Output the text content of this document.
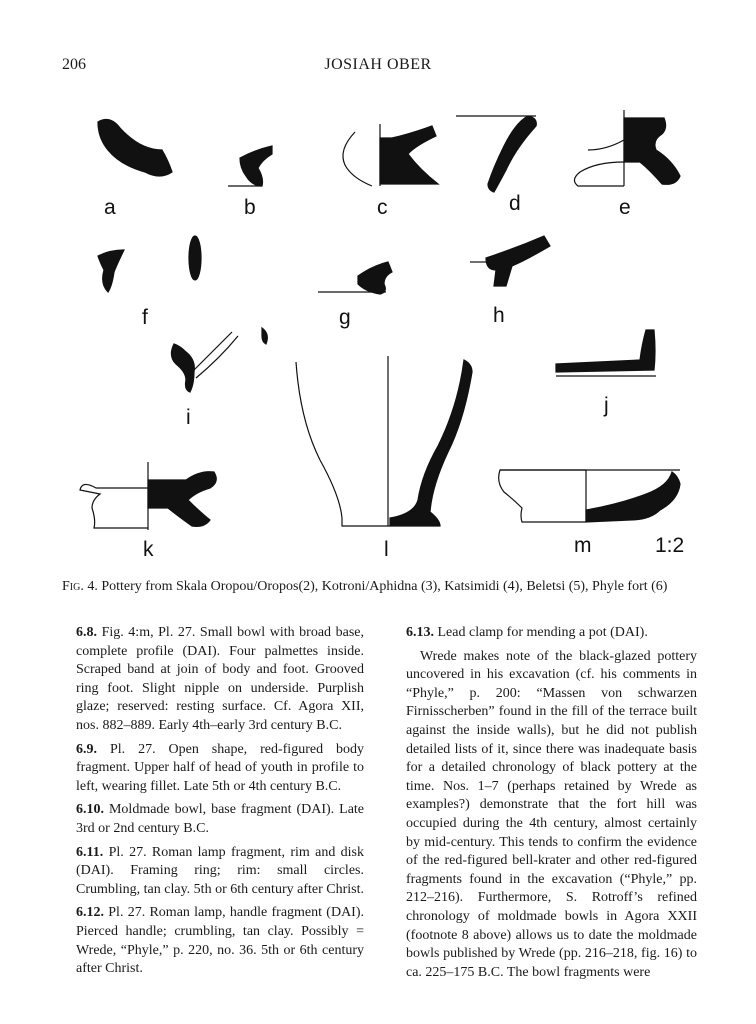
206	JOSIAH OBER
a	b	c	d	e
f	g	h
i
j
k	l	m	1:2
Fig. 4. Pottery from Skala Oropou/Oropos(2), Kotroni/Aphidna (3), Katsimidi (4), Beletsi (5), Phyle fort (6)

6.8. Fig. 4:m, Pl. 27. Small bowl with broad base, complete profile (DAI). Four palmettes inside. Scraped band at join of body and foot. Grooved ring foot. Slight nipple on underside. Purplish glaze; reserved: resting surface. Cf. Agora XII, nos. 882–889. Early 4th–early 3rd century B.C.

6.9. Pl. 27. Open shape, red-figured body fragment. Upper half of head of youth in profile to left, wearing fillet. Late 5th or 4th century B.C.

6.10. Moldmade bowl, base fragment (DAI). Late 3rd or 2nd century B.C.

6.11. Pl. 27. Roman lamp fragment, rim and disk (DAI). Framing ring; rim: small circles. Crumbling, tan clay. 5th or 6th century after Christ.

6.12. Pl. 27. Roman lamp, handle fragment (DAI). Pierced handle; crumbling, tan clay. Possibly = Wrede, “Phyle,” p. 220, no. 36. 5th or 6th century after Christ.

6.13. Lead clamp for mending a pot (DAI).

Wrede makes note of the black-glazed pottery uncovered in his excavation (cf. his comments in “Phyle,” p. 200: “Massen von schwarzen Firnisscherben” found in the fill of the terrace built against the inside walls), but he did not publish detailed lists of it, since there was inadequate basis for a detailed chronology of black pottery at the time. Nos. 1–7 (perhaps retained by Wrede as examples?) demonstrate that the fort hill was occupied during the 4th century, almost certainly by mid-century. This tends to confirm the evidence of the red-figured bell-krater and other red-figured fragments found in the excavation (“Phyle,” pp. 212–216). Furthermore, S. Rotroff’s refined chronology of moldmade bowls in Agora XXII (footnote 8 above) allows us to date the moldmade bowls published by Wrede (pp. 216–218, fig. 16) to ca. 225–175 B.C. The bowl fragments were
